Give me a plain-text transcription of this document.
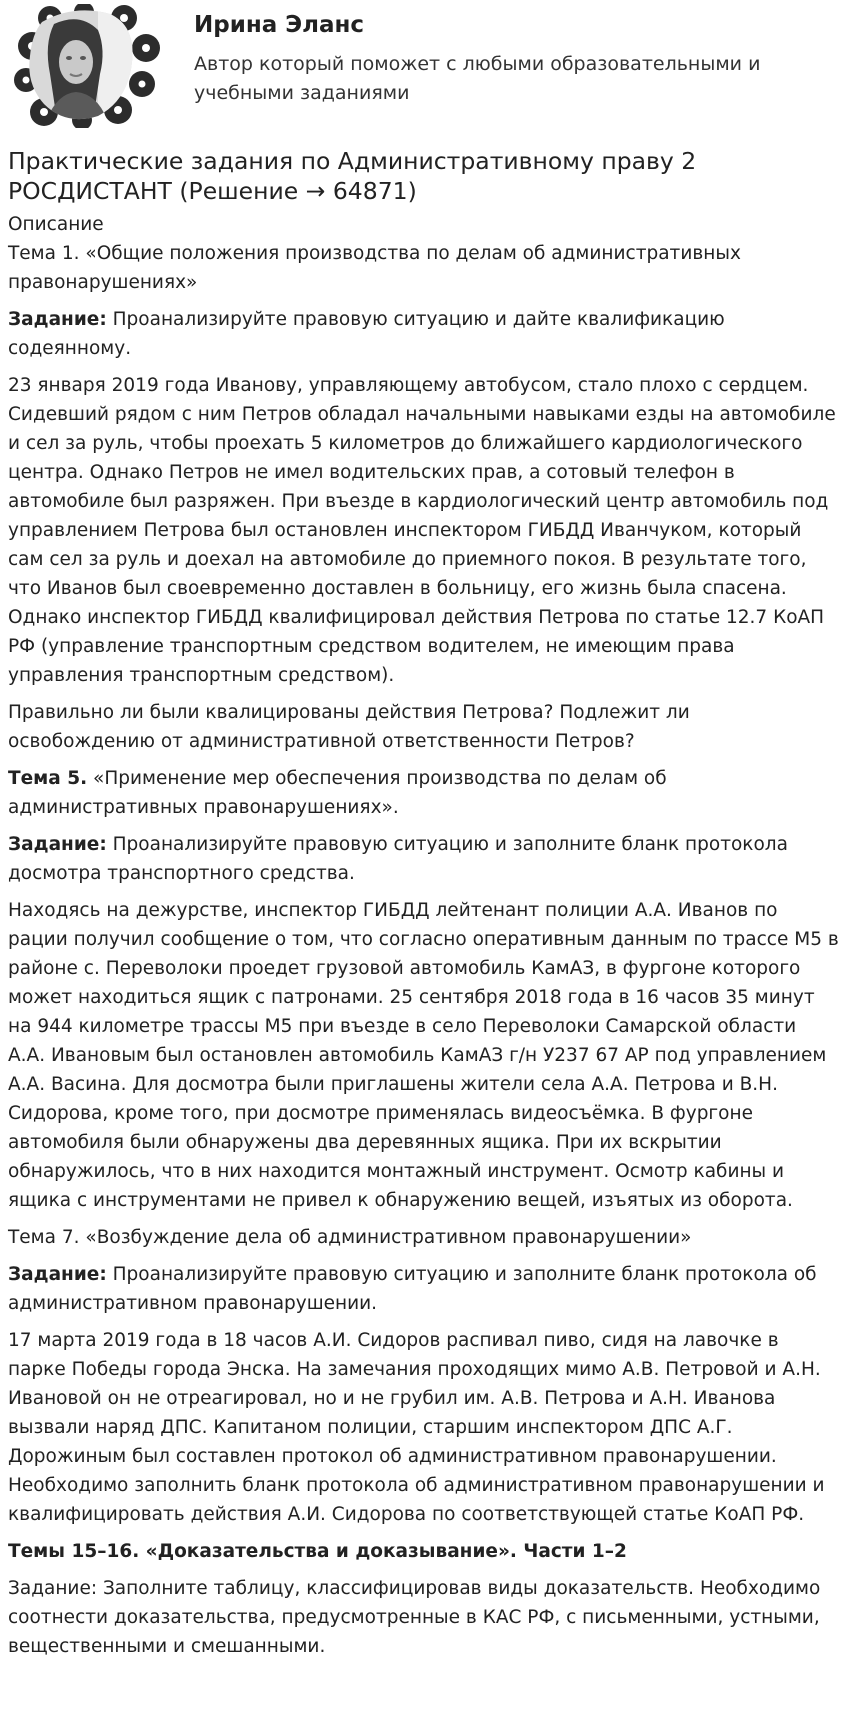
Ирина Эланс

Автор который поможет с любыми образовательными и учебными заданиями

Практические задания по Административному праву 2 РОСДИСТАНТ (Решение → 64871)

Описание

Тема 1. «Общие положения производства по делам об административных правонарушениях»

Задание: Проанализируйте правовую ситуацию и дайте квалификацию содеянному.

23 января 2019 года Иванову, управляющему автобусом, стало плохо с сердцем. Сидевший рядом с ним Петров обладал начальными навыками езды на автомобиле и сел за руль, чтобы проехать 5 километров до ближайшего кардиологического центра. Однако Петров не имел водительских прав, а сотовый телефон в автомобиле был разряжен. При въезде в кардиологический центр автомобиль под управлением Петрова был остановлен инспектором ГИБДД Иванчуком, который сам сел за руль и доехал на автомобиле до приемного покоя. В результате того, что Иванов был своевременно доставлен в больницу, его жизнь была спасена. Однако инспектор ГИБДД квалифицировал действия Петрова по статье 12.7 КоАП РФ (управление транспортным средством водителем, не имеющим права управления транспортным средством).

Правильно ли были квалицированы действия Петрова? Подлежит ли освобождению от административной ответственности Петров?

Тема 5. «Применение мер обеспечения производства по делам об административных правонарушениях».

Задание: Проанализируйте правовую ситуацию и заполните бланк протокола досмотра транспортного средства.

Находясь на дежурстве, инспектор ГИБДД лейтенант полиции А.А. Иванов по рации получил сообщение о том, что согласно оперативным данным по трассе М5 в районе с. Переволоки проедет грузовой автомобиль КамАЗ, в фургоне которого может находиться ящик с патронами. 25 сентября 2018 года в 16 часов 35 минут на 944 километре трассы М5 при въезде в село Переволоки Самарской области А.А. Ивановым был остановлен автомобиль КамАЗ г/н У237 67 АР под управлением А.А. Васина. Для досмотра были приглашены жители села А.А. Петрова и В.Н. Сидорова, кроме того, при досмотре применялась видеосъёмка. В фургоне автомобиля были обнаружены два деревянных ящика. При их вскрытии обнаружилось, что в них находится монтажный инструмент. Осмотр кабины и ящика с инструментами не привел к обнаружению вещей, изъятых из оборота.

Тема 7. «Возбуждение дела об административном правонарушении»

Задание: Проанализируйте правовую ситуацию и заполните бланк протокола об административном правонарушении.

17 марта 2019 года в 18 часов А.И. Сидоров распивал пиво, сидя на лавочке в парке Победы города Энска. На замечания проходящих мимо А.В. Петровой и А.Н. Ивановой он не отреагировал, но и не грубил им. А.В. Петрова и А.Н. Иванова вызвали наряд ДПС. Капитаном полиции, старшим инспектором ДПС А.Г. Дорожиным был составлен протокол об административном правонарушении. Необходимо заполнить бланк протокола об административном правонарушении и квалифицировать действия А.И. Сидорова по соответствующей статье КоАП РФ.

Темы 15–16. «Доказательства и доказывание». Части 1–2

Задание: Заполните таблицу, классифицировав виды доказательств. Необходимо соотнести доказательства, предусмотренные в КАС РФ, с письменными, устными, вещественными и смешанными.
